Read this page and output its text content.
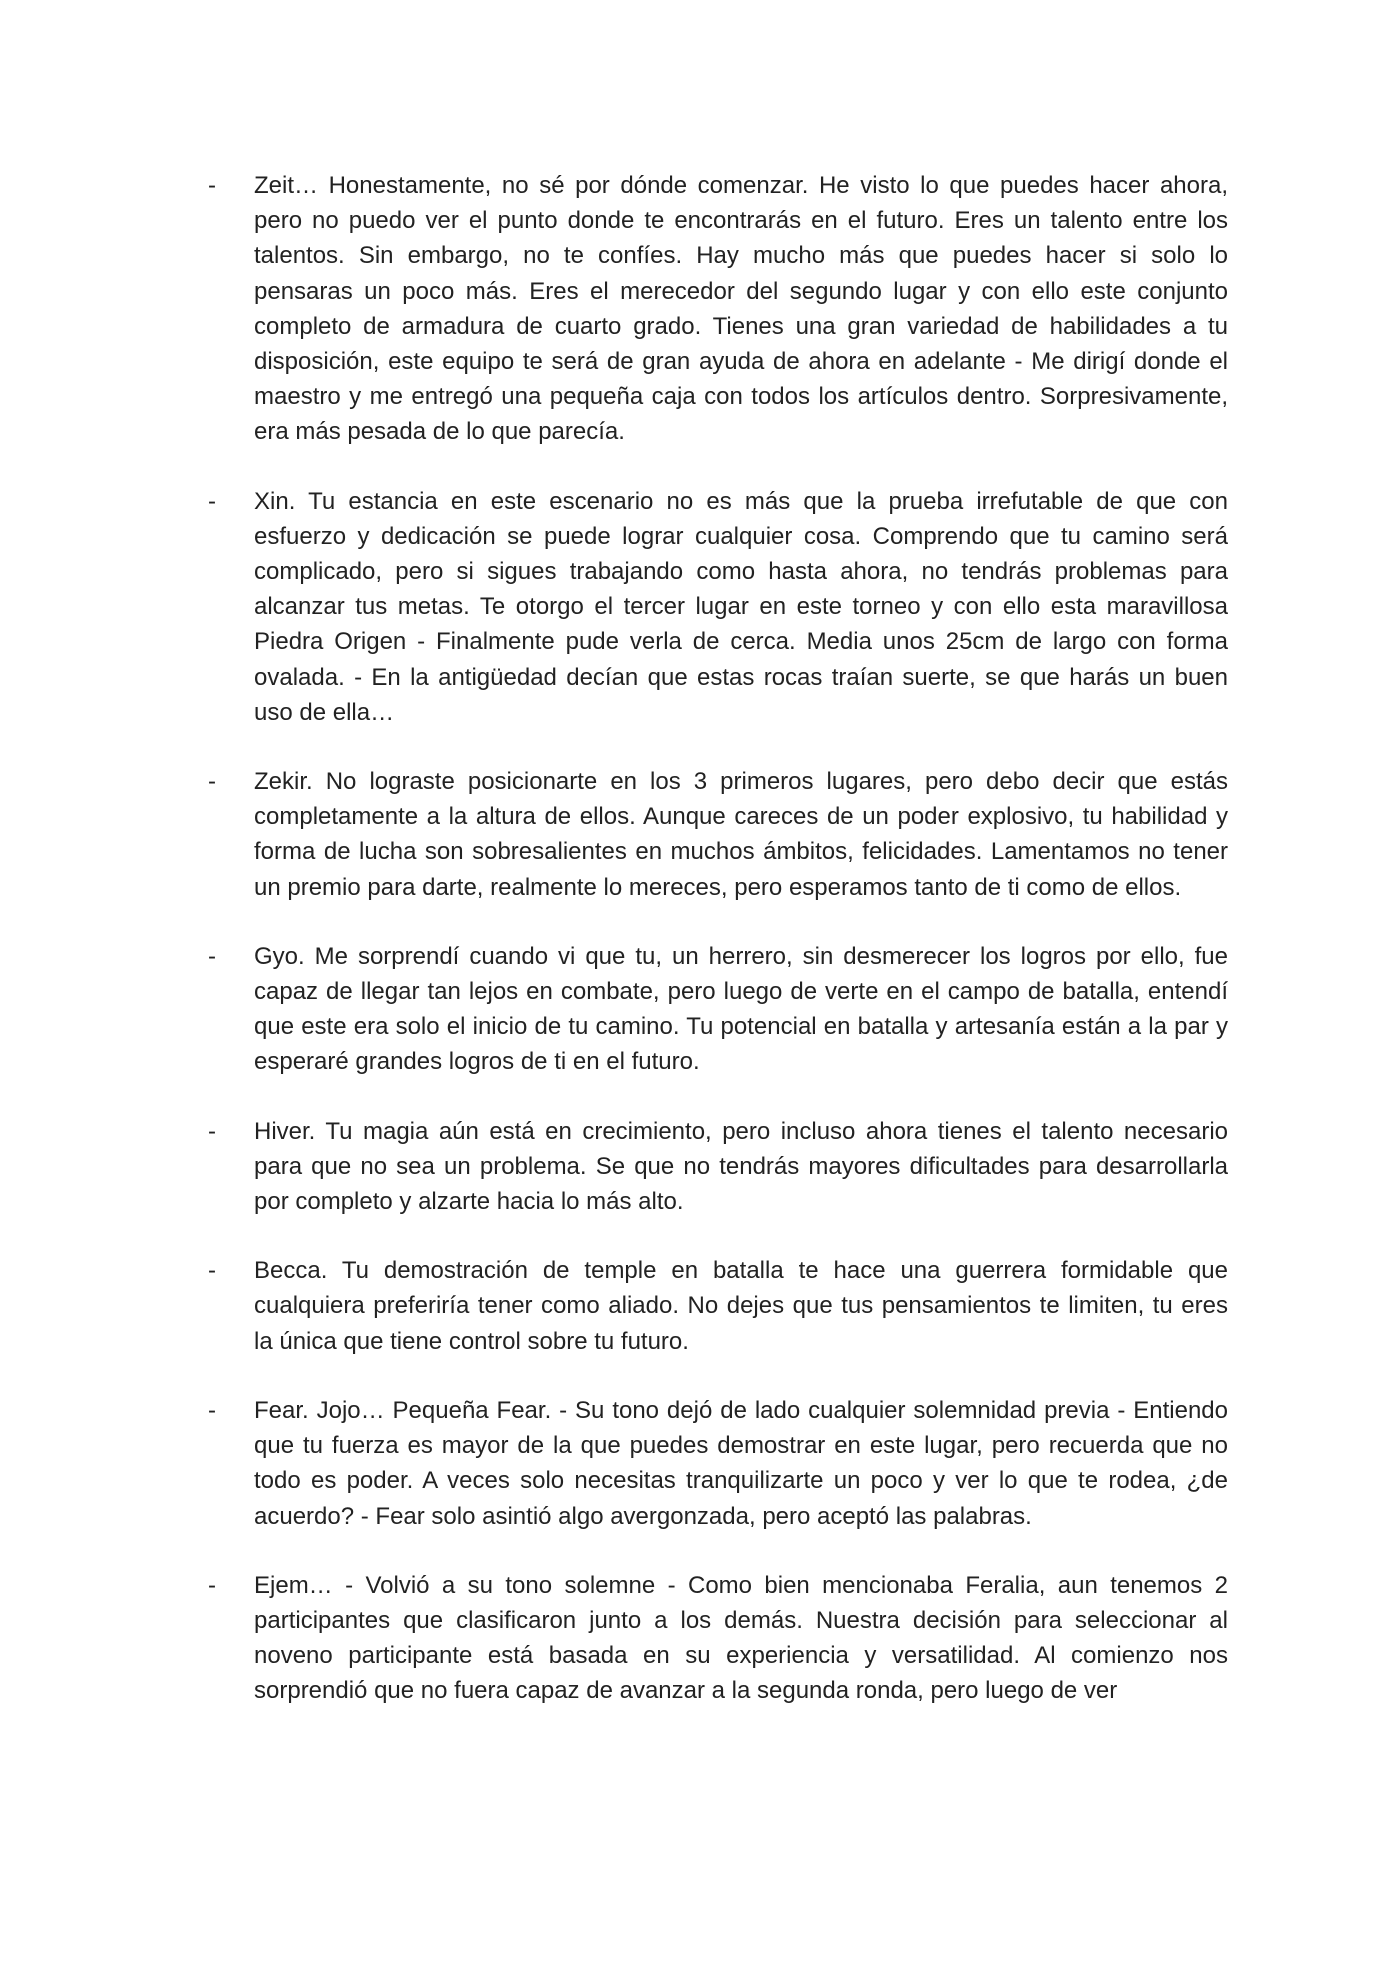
-	Zeit… Honestamente, no sé por dónde comenzar. He visto lo que puedes hacer ahora, pero no puedo ver el punto donde te encontrarás en el futuro. Eres un talento entre los talentos. Sin embargo, no te confíes. Hay mucho más que puedes hacer si solo lo pensaras un poco más. Eres el merecedor del segundo lugar y con ello este conjunto completo de armadura de cuarto grado. Tienes una gran variedad de habilidades a tu disposición, este equipo te será de gran ayuda de ahora en adelante - Me dirigí donde el maestro y me entregó una pequeña caja con todos los artículos dentro. Sorpresivamente, era más pesada de lo que parecía.

-	Xin. Tu estancia en este escenario no es más que la prueba irrefutable de que con esfuerzo y dedicación se puede lograr cualquier cosa. Comprendo que tu camino será complicado, pero si sigues trabajando como hasta ahora, no tendrás problemas para alcanzar tus metas. Te otorgo el tercer lugar en este torneo y con ello esta maravillosa Piedra Origen - Finalmente pude verla de cerca. Media unos 25cm de largo con forma ovalada. - En la antigüedad decían que estas rocas traían suerte, se que harás un buen uso de ella…

-	Zekir. No lograste posicionarte en los 3 primeros lugares, pero debo decir que estás completamente a la altura de ellos. Aunque careces de un poder explosivo, tu habilidad y forma de lucha son sobresalientes en muchos ámbitos, felicidades. Lamentamos no tener un premio para darte, realmente lo mereces, pero esperamos tanto de ti como de ellos.

-	Gyo. Me sorprendí cuando vi que tu, un herrero, sin desmerecer los logros por ello, fue capaz de llegar tan lejos en combate, pero luego de verte en el campo de batalla, entendí que este era solo el inicio de tu camino. Tu potencial en batalla y artesanía están a la par y esperaré grandes logros de ti en el futuro.

-	Hiver. Tu magia aún está en crecimiento, pero incluso ahora tienes el talento necesario para que no sea un problema. Se que no tendrás mayores dificultades para desarrollarla por completo y alzarte hacia lo más alto.

-	Becca. Tu demostración de temple en batalla te hace una guerrera formidable que cualquiera preferiría tener como aliado. No dejes que tus pensamientos te limiten, tu eres la única que tiene control sobre tu futuro.

-	Fear. Jojo… Pequeña Fear. - Su tono dejó de lado cualquier solemnidad previa - Entiendo que tu fuerza es mayor de la que puedes demostrar en este lugar, pero recuerda que no todo es poder. A veces solo necesitas tranquilizarte un poco y ver lo que te rodea, ¿de acuerdo? - Fear solo asintió algo avergonzada, pero aceptó las palabras.

-	Ejem… - Volvió a su tono solemne - Como bien mencionaba Feralia, aun tenemos 2 participantes que clasificaron junto a los demás. Nuestra decisión para seleccionar al noveno participante está basada en su experiencia y versatilidad. Al comienzo nos sorprendió que no fuera capaz de avanzar a la segunda ronda, pero luego de ver
